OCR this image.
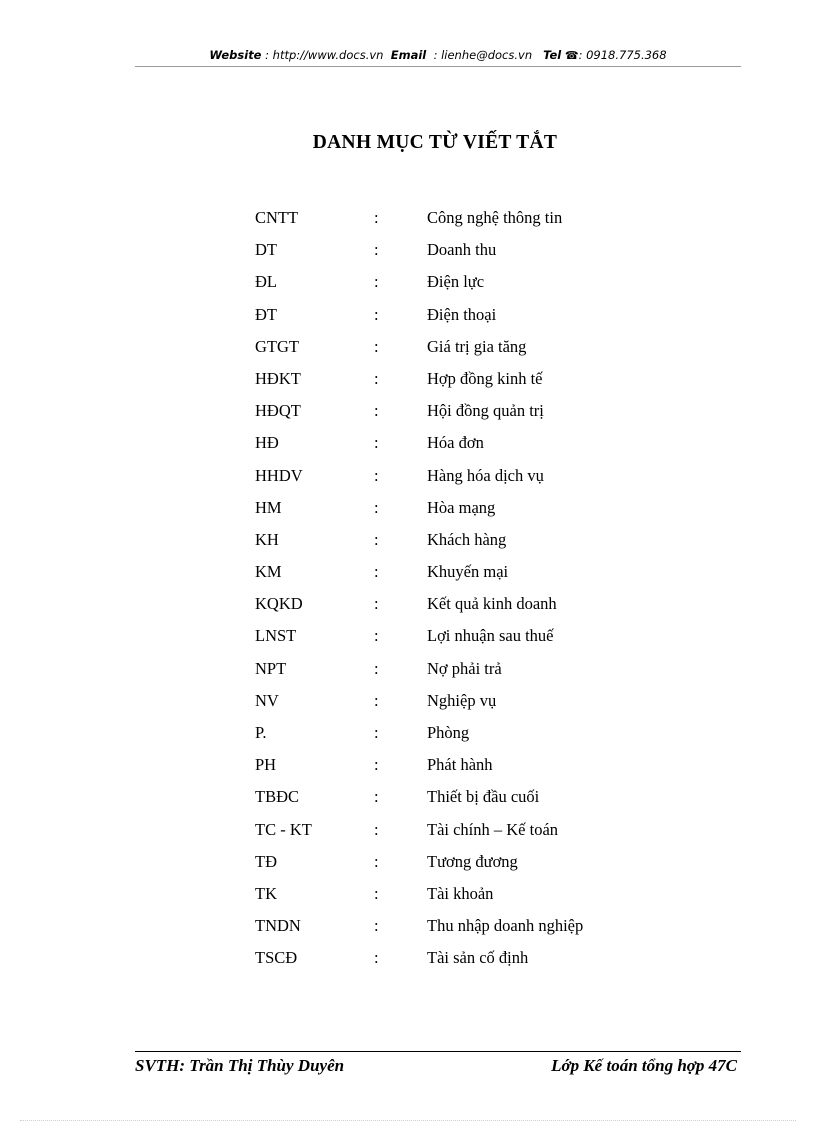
Website : http://www.docs.vn Email : lienhe@docs.vn Tel ☎: 0918.775.368
DANH MỤC TỪ VIẾT TẮT
CNTT	:	Công nghệ thông tin
DT	:	Doanh thu
ĐL	:	Điện lực
ĐT	:	Điện thoại
GTGT	:	Giá trị gia tăng
HĐKT	:	Hợp đồng kinh tế
HĐQT	:	Hội đồng quản trị
HĐ	:	Hóa đơn
HHDV	:	Hàng hóa dịch vụ
HM	:	Hòa mạng
KH	:	Khách hàng
KM	:	Khuyến mại
KQKD	:	Kết quả kinh doanh
LNST	:	Lợi nhuận sau thuế
NPT	:	Nợ phải trả
NV	:	Nghiệp vụ
P.	:	Phòng
PH	:	Phát hành
TBĐC	:	Thiết bị đầu cuối
TC - KT	:	Tài chính – Kế toán
TĐ	:	Tương đương
TK	:	Tài khoản
TNDN	:	Thu nhập doanh nghiệp
TSCĐ	:	Tài sản cố định
SVTH: Trần Thị Thùy Duyên	Lớp Kế toán tổng hợp 47C
